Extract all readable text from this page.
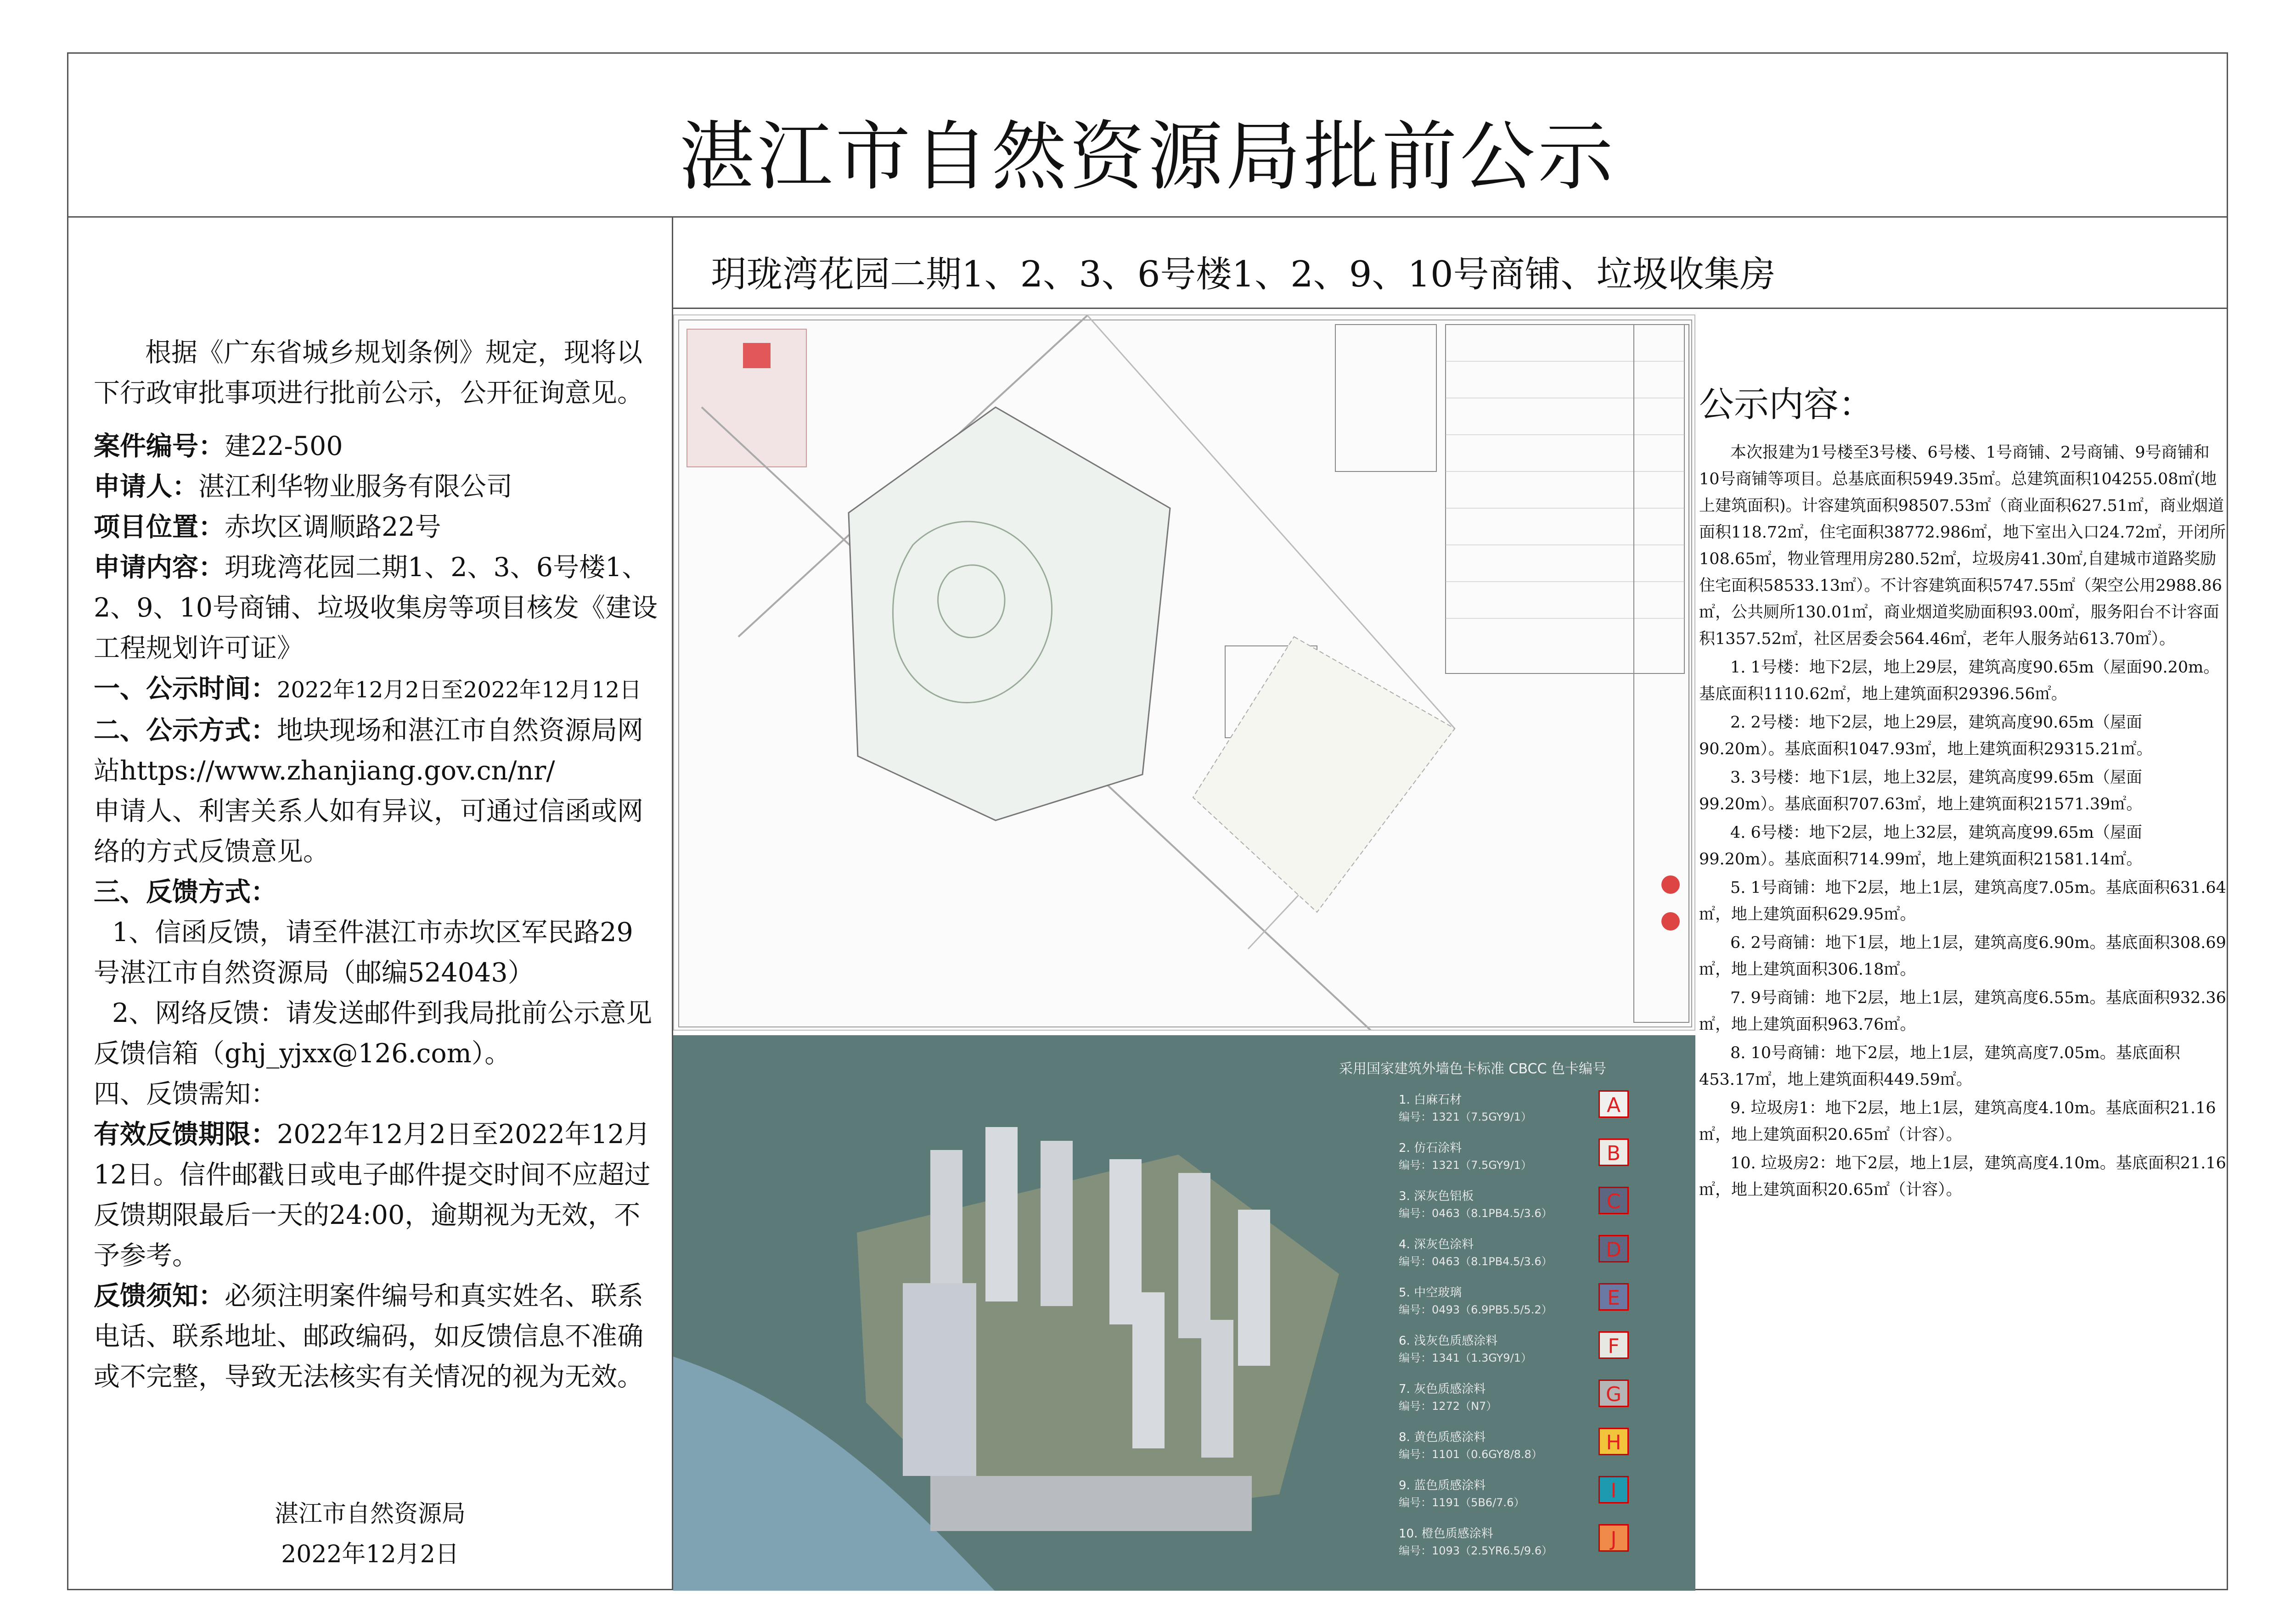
湛江市自然资源局批前公示

根据《广东省城乡规划条例》规定，现将以下行政审批事项进行批前公示，公开征询意见。

案件编号：建22-500

申请人：湛江利华物业服务有限公司

项目位置：赤坎区调顺路22号

申请内容：玥珑湾花园二期1、2、3、6号楼1、2、9、10号商铺、垃圾收集房等项目核发《建设工程规划许可证》

一、公示时间：2022年12月2日至2022年12月12日

二、公示方式：地块现场和湛江市自然资源局网站https://www.zhanjiang.gov.cn/nr/

申请人、利害关系人如有异议，可通过信函或网络的方式反馈意见。

三、反馈方式：

1、信函反馈，请至件湛江市赤坎区军民路29号湛江市自然资源局（邮编524043）

2、网络反馈：请发送邮件到我局批前公示意见反馈信箱（ghj_yjxx@126.com）。

四、反馈需知：

有效反馈期限：2022年12月2日至2022年12月12日。信件邮戳日或电子邮件提交时间不应超过反馈期限最后一天的24:00，逾期视为无效，不予参考。

反馈须知：必须注明案件编号和真实姓名、联系电话、联系地址、邮政编码，如反馈信息不准确或不完整，导致无法核实有关情况的视为无效。

湛江市自然资源局
2022年12月2日
玥珑湾花园二期1、2、3、6号楼1、2、9、10号商铺、垃圾收集房
采用国家建筑外墙色卡标准 CBCC 色卡编号
1. 白麻石材
编号：1321（7.5GY9/1）	A
2. 仿石涂料
编号：1321（7.5GY9/1）	B
3. 深灰色铝板
编号：0463（8.1PB4.5/3.6）	C
4. 深灰色涂料
编号：0463（8.1PB4.5/3.6）	D
5. 中空玻璃
编号：0493（6.9PB5.5/5.2）	E
6. 浅灰色质感涂料
编号：1341（1.3GY9/1）	F
7. 灰色质感涂料
编号：1272（N7）	G
8. 黄色质感涂料
编号：1101（0.6GY8/8.8）	H
9. 蓝色质感涂料
编号：1191（5B6/7.6）	I
10. 橙色质感涂料
编号：1093（2.5YR6.5/9.6）	J
公示内容：

本次报建为1号楼至3号楼、6号楼、1号商铺、2号商铺、9号商铺和10号商铺等项目。总基底面积5949.35㎡。总建筑面积104255.08㎡(地上建筑面积)。计容建筑面积98507.53㎡（商业面积627.51㎡，商业烟道面积118.72㎡，住宅面积38772.986㎡，地下室出入口24.72㎡，开闭所108.65㎡，物业管理用房280.52㎡，垃圾房41.30㎡,自建城市道路奖励住宅面积58533.13㎡）。不计容建筑面积5747.55㎡（架空公用2988.86㎡，公共厕所130.01㎡，商业烟道奖励面积93.00㎡，服务阳台不计容面积1357.52㎡，社区居委会564.46㎡，老年人服务站613.70㎡）。

1. 1号楼：地下2层，地上29层，建筑高度90.65m（屋面90.20m。基底面积1110.62㎡，地上建筑面积29396.56㎡。

2. 2号楼：地下2层，地上29层，建筑高度90.65m（屋面90.20m）。基底面积1047.93㎡，地上建筑面积29315.21㎡。

3. 3号楼：地下1层，地上32层，建筑高度99.65m（屋面99.20m）。基底面积707.63㎡，地上建筑面积21571.39㎡。

4. 6号楼：地下2层，地上32层，建筑高度99.65m（屋面99.20m）。基底面积714.99㎡，地上建筑面积21581.14㎡。

5. 1号商铺：地下2层，地上1层，建筑高度7.05m。基底面积631.64㎡，地上建筑面积629.95㎡。

6. 2号商铺：地下1层，地上1层，建筑高度6.90m。基底面积308.69㎡，地上建筑面积306.18㎡。

7. 9号商铺：地下2层，地上1层，建筑高度6.55m。基底面积932.36㎡，地上建筑面积963.76㎡。

8. 10号商铺：地下2层，地上1层，建筑高度7.05m。基底面积453.17㎡，地上建筑面积449.59㎡。

9. 垃圾房1：地下2层，地上1层，建筑高度4.10m。基底面积21.16㎡，地上建筑面积20.65㎡（计容）。

10. 垃圾房2：地下2层，地上1层，建筑高度4.10m。基底面积21.16㎡，地上建筑面积20.65㎡（计容）。
